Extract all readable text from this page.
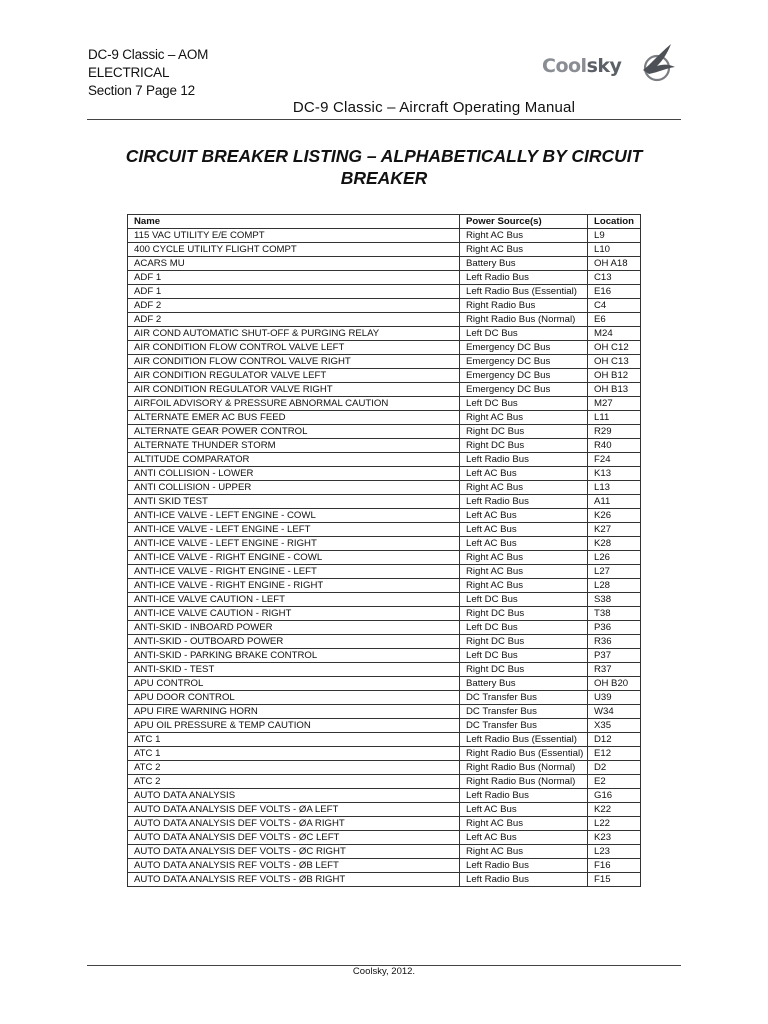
DC-9 Classic – AOM
ELECTRICAL
Section 7 Page 12
Coolsky
DC-9 Classic – Aircraft Operating Manual
CIRCUIT BREAKER LISTING – ALPHABETICALLY BY CIRCUIT
BREAKER
Name	Power Source(s)	Location
115 VAC UTILITY E/E COMPT	Right AC Bus	L9
400 CYCLE UTILITY FLIGHT COMPT	Right AC Bus	L10
ACARS MU	Battery Bus	OH A18
ADF 1	Left Radio Bus	C13
ADF 1	Left Radio Bus (Essential)	E16
ADF 2	Right Radio Bus	C4
ADF 2	Right Radio Bus (Normal)	E6
AIR COND AUTOMATIC SHUT-OFF & PURGING RELAY	Left DC Bus	M24
AIR CONDITION FLOW CONTROL VALVE LEFT	Emergency DC Bus	OH C12
AIR CONDITION FLOW CONTROL VALVE RIGHT	Emergency DC Bus	OH C13
AIR CONDITION REGULATOR VALVE LEFT	Emergency DC Bus	OH B12
AIR CONDITION REGULATOR VALVE RIGHT	Emergency DC Bus	OH B13
AIRFOIL ADVISORY & PRESSURE ABNORMAL CAUTION	Left DC Bus	M27
ALTERNATE EMER AC BUS FEED	Right AC Bus	L11
ALTERNATE GEAR POWER CONTROL	Right DC Bus	R29
ALTERNATE THUNDER STORM	Right DC Bus	R40
ALTITUDE COMPARATOR	Left Radio Bus	F24
ANTI COLLISION - LOWER	Left AC Bus	K13
ANTI COLLISION - UPPER	Right AC Bus	L13
ANTI SKID TEST	Left Radio Bus	A11
ANTI-ICE VALVE - LEFT ENGINE - COWL	Left AC Bus	K26
ANTI-ICE VALVE - LEFT ENGINE - LEFT	Left AC Bus	K27
ANTI-ICE VALVE - LEFT ENGINE - RIGHT	Left AC Bus	K28
ANTI-ICE VALVE - RIGHT ENGINE - COWL	Right AC Bus	L26
ANTI-ICE VALVE - RIGHT ENGINE - LEFT	Right AC Bus	L27
ANTI-ICE VALVE - RIGHT ENGINE - RIGHT	Right AC Bus	L28
ANTI-ICE VALVE CAUTION - LEFT	Left DC Bus	S38
ANTI-ICE VALVE CAUTION - RIGHT	Right DC Bus	T38
ANTI-SKID - INBOARD POWER	Left DC Bus	P36
ANTI-SKID - OUTBOARD POWER	Right DC Bus	R36
ANTI-SKID - PARKING BRAKE CONTROL	Left DC Bus	P37
ANTI-SKID - TEST	Right DC Bus	R37
APU CONTROL	Battery Bus	OH B20
APU DOOR CONTROL	DC Transfer Bus	U39
APU FIRE WARNING HORN	DC Transfer Bus	W34
APU OIL PRESSURE & TEMP CAUTION	DC Transfer Bus	X35
ATC 1	Left Radio Bus (Essential)	D12
ATC 1	Right Radio Bus (Essential)	E12
ATC 2	Right Radio Bus (Normal)	D2
ATC 2	Right Radio Bus (Normal)	E2
AUTO DATA ANALYSIS	Left Radio Bus	G16
AUTO DATA ANALYSIS DEF VOLTS - ØA LEFT	Left AC Bus	K22
AUTO DATA ANALYSIS DEF VOLTS - ØA RIGHT	Right AC Bus	L22
AUTO DATA ANALYSIS DEF VOLTS - ØC LEFT	Left AC Bus	K23
AUTO DATA ANALYSIS DEF VOLTS - ØC RIGHT	Right AC Bus	L23
AUTO DATA ANALYSIS REF VOLTS - ØB LEFT	Left Radio Bus	F16
AUTO DATA ANALYSIS REF VOLTS - ØB RIGHT	Left Radio Bus	F15
Coolsky, 2012.
